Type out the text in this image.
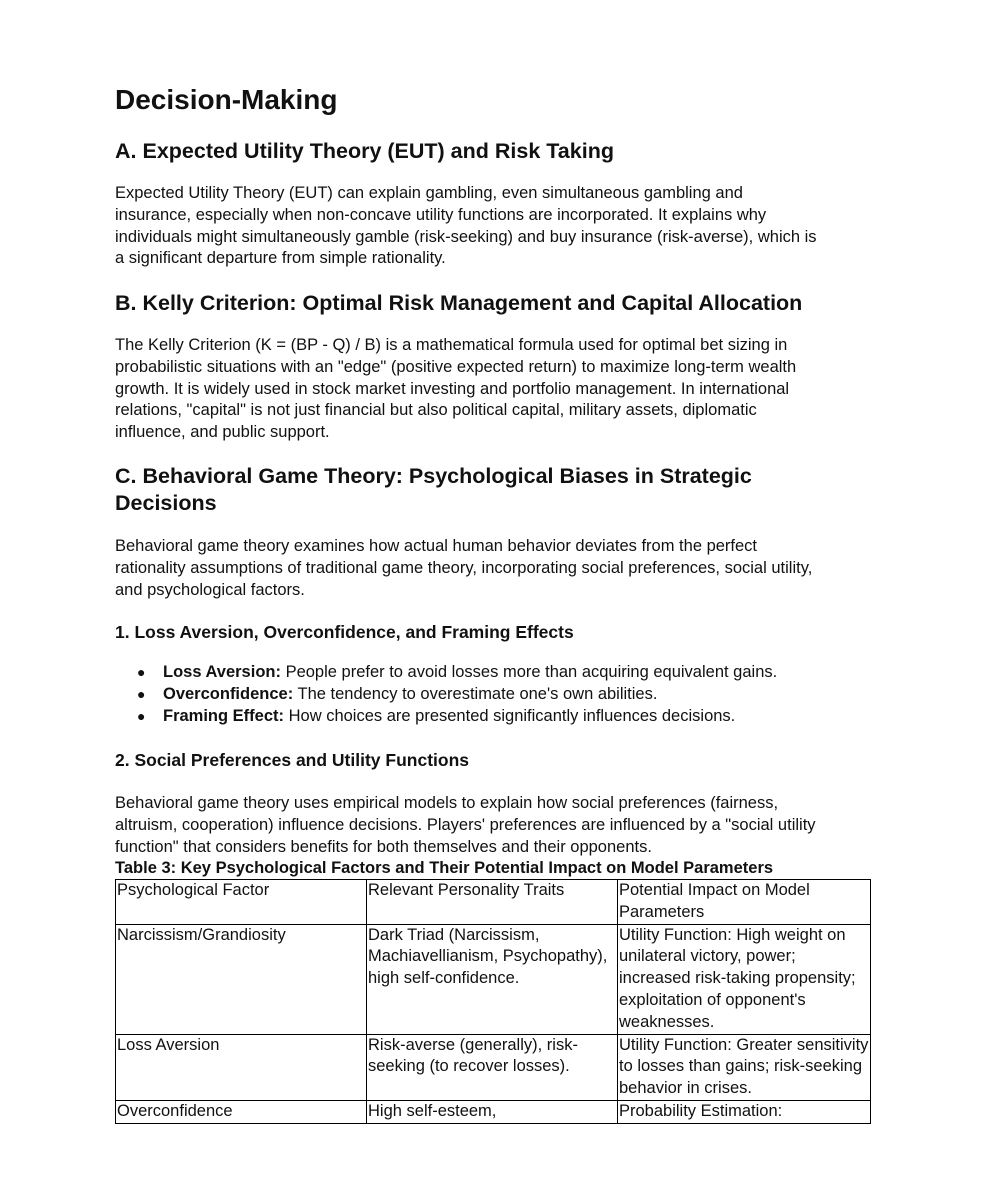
Decision-Making
A. Expected Utility Theory (EUT) and Risk Taking

Expected Utility Theory (EUT) can explain gambling, even simultaneous gambling and
insurance, especially when non-concave utility functions are incorporated. It explains why
individuals might simultaneously gamble (risk-seeking) and buy insurance (risk-averse), which is
a significant departure from simple rationality.

B. Kelly Criterion: Optimal Risk Management and Capital Allocation

The Kelly Criterion (K = (BP - Q) / B) is a mathematical formula used for optimal bet sizing in
probabilistic situations with an "edge" (positive expected return) to maximize long-term wealth
growth. It is widely used in stock market investing and portfolio management. In international
relations, "capital" is not just financial but also political capital, military assets, diplomatic
influence, and public support.

C. Behavioral Game Theory: Psychological Biases in Strategic
Decisions

Behavioral game theory examines how actual human behavior deviates from the perfect
rationality assumptions of traditional game theory, incorporating social preferences, social utility,
and psychological factors.

1. Loss Aversion, Overconfidence, and Framing Effects
● Loss Aversion: People prefer to avoid losses more than acquiring equivalent gains.
● Overconfidence: The tendency to overestimate one's own abilities.
● Framing Effect: How choices are presented significantly influences decisions.
2. Social Preferences and Utility Functions

Behavioral game theory uses empirical models to explain how social preferences (fairness,
altruism, cooperation) influence decisions. Players' preferences are influenced by a "social utility
function" that considers benefits for both themselves and their opponents.

Table 3: Key Psychological Factors and Their Potential Impact on Model Parameters

Psychological Factor	Relevant Personality Traits	Potential Impact on Model Parameters
Narcissism/Grandiosity	Dark Triad (Narcissism, Machiavellianism, Psychopathy), high self-confidence.	Utility Function: High weight on unilateral victory, power; increased risk-taking propensity; exploitation of opponent's weaknesses.
Loss Aversion	Risk-averse (generally), risk-seeking (to recover losses).	Utility Function: Greater sensitivity to losses than gains; risk-seeking behavior in crises.
Overconfidence	High self-esteem,	Probability Estimation:
